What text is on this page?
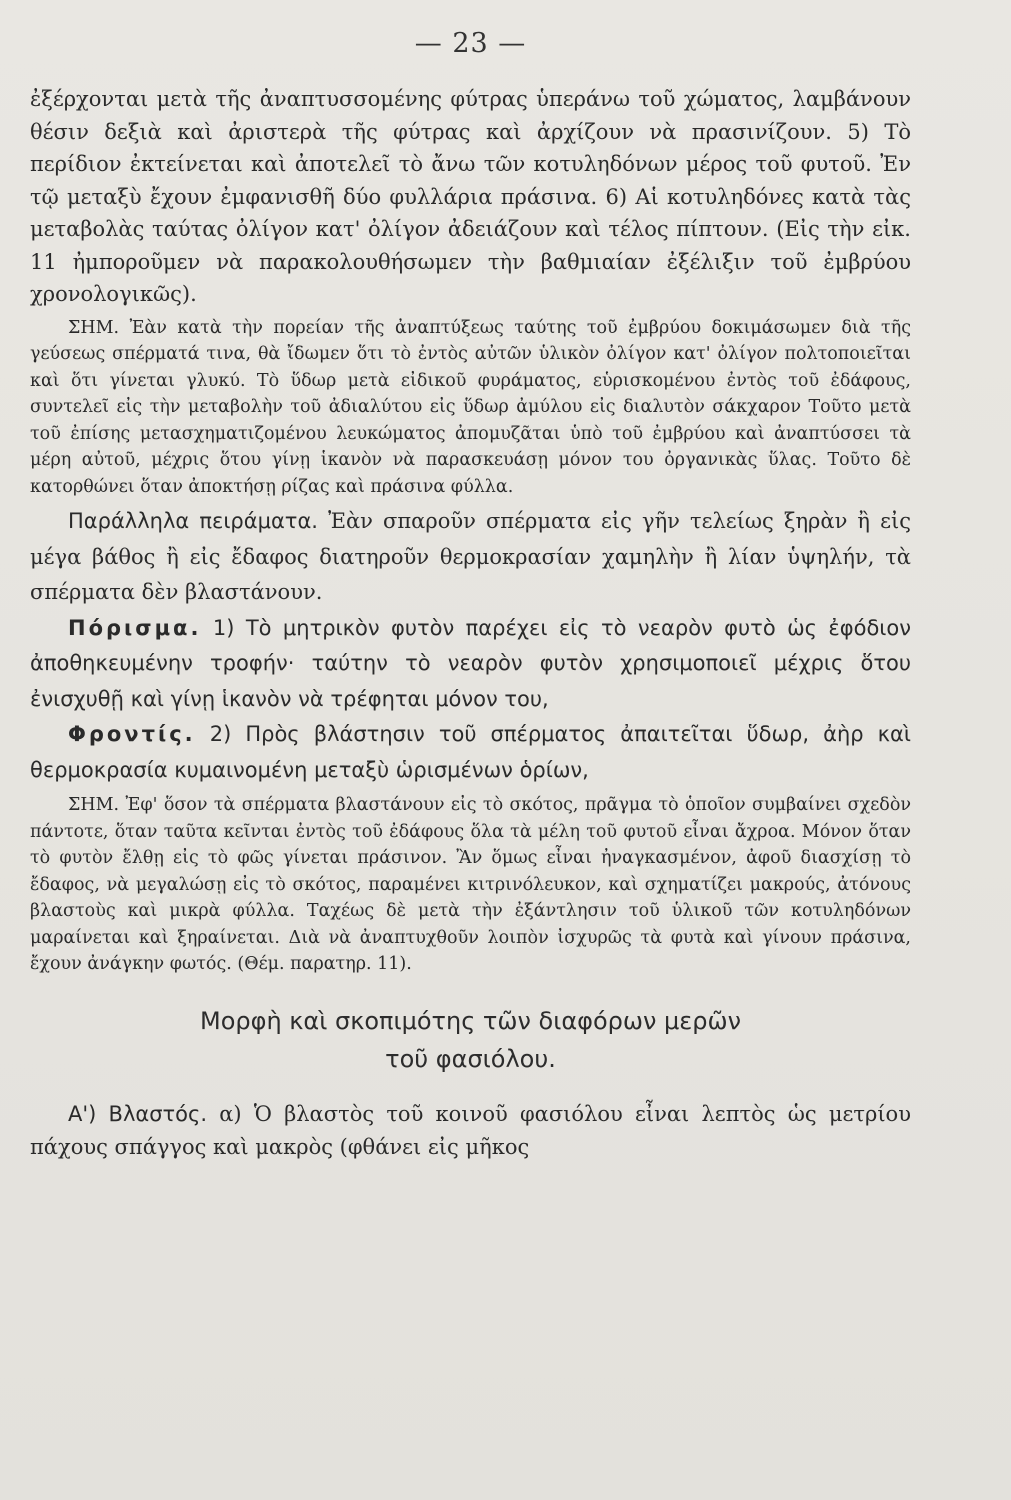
— 23 —

ἐξέρχονται μετὰ τῆς ἀναπτυσσομένης φύτρας ὑπεράνω τοῦ χώματος, λαμβάνουν θέσιν δεξιὰ καὶ ἀριστερὰ τῆς φύτρας καὶ ἀρχίζουν νὰ πρασινίζουν. 5) Τὸ περίδιον ἐκτείνεται καὶ ἀποτελεῖ τὸ ἄνω τῶν κοτυληδόνων μέρος τοῦ φυτοῦ. Ἐν τῷ μεταξὺ ἔχουν ἐμφανισθῆ δύο φυλλάρια πράσινα. 6) Αἱ κοτυληδόνες κατὰ τὰς μεταβολὰς ταύτας ὀλίγον κατ' ὀλίγον ἀδειάζουν καὶ τέλος πίπτουν. (Εἰς τὴν εἰκ. 11 ἠμποροῦμεν νὰ παρακολουθήσωμεν τὴν βαθμιαίαν ἐξέλιξιν τοῦ ἐμβρύου χρονολογικῶς).

ΣΗΜ. Ἐὰν κατὰ τὴν πορείαν τῆς ἀναπτύξεως ταύτης τοῦ ἐμβρύου δοκιμάσωμεν διὰ τῆς γεύσεως σπέρματά τινα, θὰ ἴδωμεν ὅτι τὸ ἐντὸς αὐτῶν ὑλικὸν ὀλίγον κατ' ὀλίγον πολτοποιεῖται καὶ ὅτι γίνεται γλυκύ. Τὸ ὕδωρ μετὰ εἰδικοῦ φυράματος, εὑρισκομένου ἐντὸς τοῦ ἐδάφους, συντελεῖ εἰς τὴν μεταβολὴν τοῦ ἀδιαλύτου εἰς ὕδωρ ἀμύλου εἰς διαλυτὸν σάκχαρον Τοῦτο μετὰ τοῦ ἐπίσης μετασχηματιζομένου λευκώματος ἀπομυζᾶται ὑπὸ τοῦ ἐμβρύου καὶ ἀναπτύσσει τὰ μέρη αὐτοῦ, μέχρις ὅτου γίνῃ ἱκανὸν νὰ παρασκευάσῃ μόνον του ὀργανικὰς ὕλας. Τοῦτο δὲ κατορθώνει ὅταν ἀποκτήσῃ ρίζας καὶ πράσινα φύλλα.

Παράλληλα πειράματα. Ἐὰν σπαροῦν σπέρματα εἰς γῆν τελείως ξηρὰν ἢ εἰς μέγα βάθος ἢ εἰς ἔδαφος διατηροῦν θερμοκρασίαν χαμηλὴν ἢ λίαν ὑψηλήν, τὰ σπέρματα δὲν βλαστάνουν.

Πόρισμα. 1) Τὸ μητρικὸν φυτὸν παρέχει εἰς τὸ νεαρὸν φυτὸ ὡς ἐφόδιον ἀποθηκευμένην τροφήν· ταύτην τὸ νεαρὸν φυτὸν χρησιμοποιεῖ μέχρις ὅτου ἐνισχυθῇ καὶ γίνῃ ἱκανὸν νὰ τρέφηται μόνον του,

Φροντίς. 2) Πρὸς βλάστησιν τοῦ σπέρματος ἀπαιτεῖται ὕδωρ, ἀὴρ καὶ θερμοκρασία κυμαινομένη μεταξὺ ὡρισμένων ὁρίων,

ΣΗΜ. Ἐφ' ὅσον τὰ σπέρματα βλαστάνουν εἰς τὸ σκότος, πρᾶγμα τὸ ὁποῖον συμβαίνει σχεδὸν πάντοτε, ὅταν ταῦτα κεῖνται ἐντὸς τοῦ ἐδάφους ὅλα τὰ μέλη τοῦ φυτοῦ εἶναι ἄχροα. Μόνον ὅταν τὸ φυτὸν ἔλθῃ εἰς τὸ φῶς γίνεται πράσινον. Ἂν ὅμως εἶναι ἠναγκασμένον, ἀφοῦ διασχίσῃ τὸ ἔδαφος, νὰ μεγαλώσῃ εἰς τὸ σκότος, παραμένει κιτρινόλευκον, καὶ σχηματίζει μακρούς, ἀτόνους βλαστοὺς καὶ μικρὰ φύλλα. Ταχέως δὲ μετὰ τὴν ἐξάντλησιν τοῦ ὑλικοῦ τῶν κοτυληδόνων μαραίνεται καὶ ξηραίνεται. Διὰ νὰ ἀναπτυχθοῦν λοιπὸν ἰσχυρῶς τὰ φυτὰ καὶ γίνουν πράσινα, ἔχουν ἀνάγκην φωτός. (Θέμ. παρατηρ. 11).

Μορφὴ καὶ σκοπιμότης τῶν διαφόρων μερῶν
τοῦ φασιόλου.

Α') Βλαστός. α) Ὁ βλαστὸς τοῦ κοινοῦ φασιόλου εἶναι λεπτὸς ὡς μετρίου πάχους σπάγγος καὶ μακρὸς (φθάνει εἰς μῆκος
